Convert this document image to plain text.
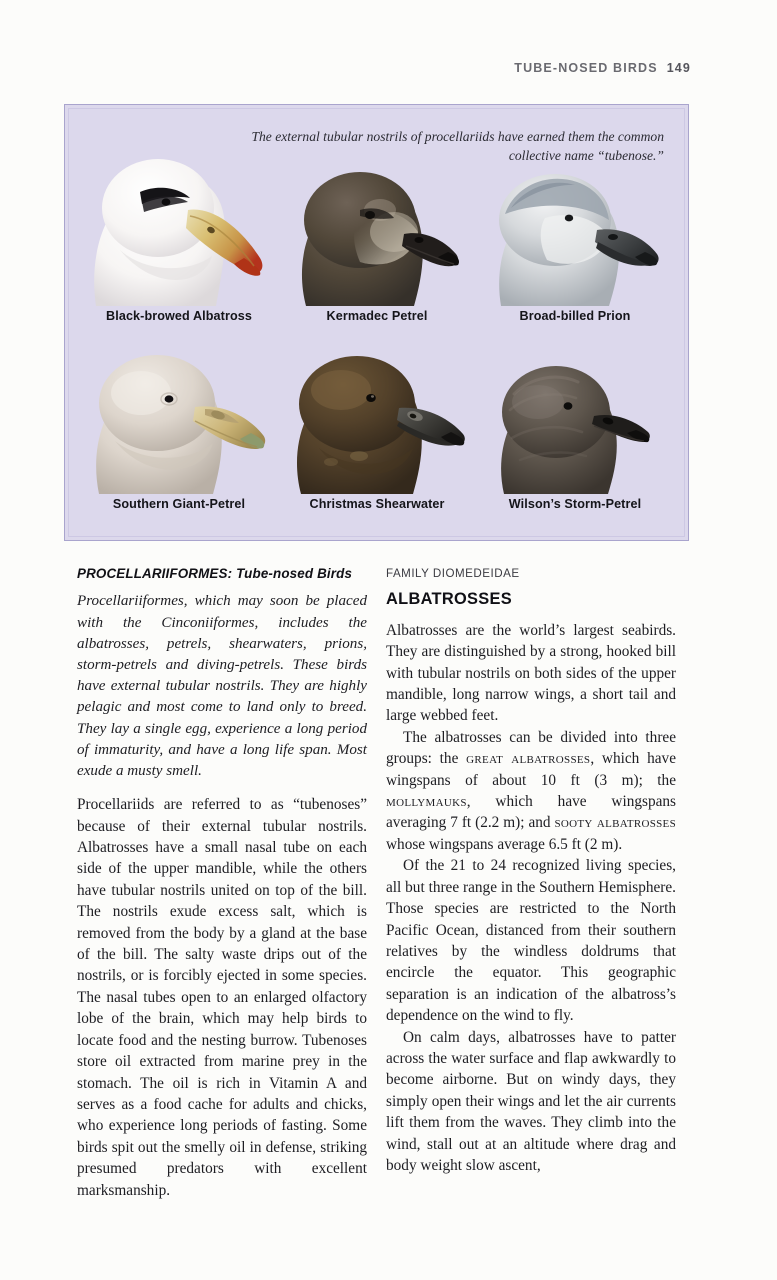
TUBE-NOSED BIRDS 149
The external tubular nostrils of procellariids have earned them the common collective name “tubenose.”
Black-browed Albatross	Kermadec Petrel	Broad-billed Prion
Southern Giant-Petrel	Christmas Shearwater	Wilson’s Storm-Petrel
PROCELLARIIFORMES: Tube-nosed Birds

Procellariiformes, which may soon be placed with the Cinconiiformes, includes the albatrosses, petrels, shearwaters, prions, storm-petrels and diving-petrels. These birds have external tubular nostrils. They are highly pelagic and most come to land only to breed. They lay a single egg, experience a long period of immaturity, and have a long life span. Most exude a musty smell.

Procellariids are referred to as “tubenoses” because of their external tubular nostrils. Albatrosses have a small nasal tube on each side of the upper mandible, while the others have tubular nostrils united on top of the bill. The nostrils exude excess salt, which is removed from the body by a gland at the base of the bill. The salty waste drips out of the nostrils, or is forcibly ejected in some species. The nasal tubes open to an enlarged olfactory lobe of the brain, which may help birds to locate food and the nesting burrow. Tubenoses store oil extracted from marine prey in the stomach. The oil is rich in Vitamin A and serves as a food cache for adults and chicks, who experience long periods of fasting. Some birds spit out the smelly oil in defense, striking presumed predators with excellent marksmanship.

FAMILY DIOMEDEIDAE
ALBATROSSES

Albatrosses are the world’s largest seabirds. They are distinguished by a strong, hooked bill with tubular nostrils on both sides of the upper mandible, long narrow wings, a short tail and large webbed feet.

The albatrosses can be divided into three groups: the great albatrosses, which have wingspans of about 10 ft (3 m); the mollymauks, which have wingspans averaging 7 ft (2.2 m); and sooty albatrosses whose wingspans average 6.5 ft (2 m).

Of the 21 to 24 recognized living species, all but three range in the Southern Hemisphere. Those species are restricted to the North Pacific Ocean, distanced from their southern relatives by the windless doldrums that encircle the equator. This geographic separation is an indication of the albatross’s dependence on the wind to fly.

On calm days, albatrosses have to patter across the water surface and flap awkwardly to become airborne. But on windy days, they simply open their wings and let the air currents lift them from the waves. They climb into the wind, stall out at an altitude where drag and body weight slow ascent,
